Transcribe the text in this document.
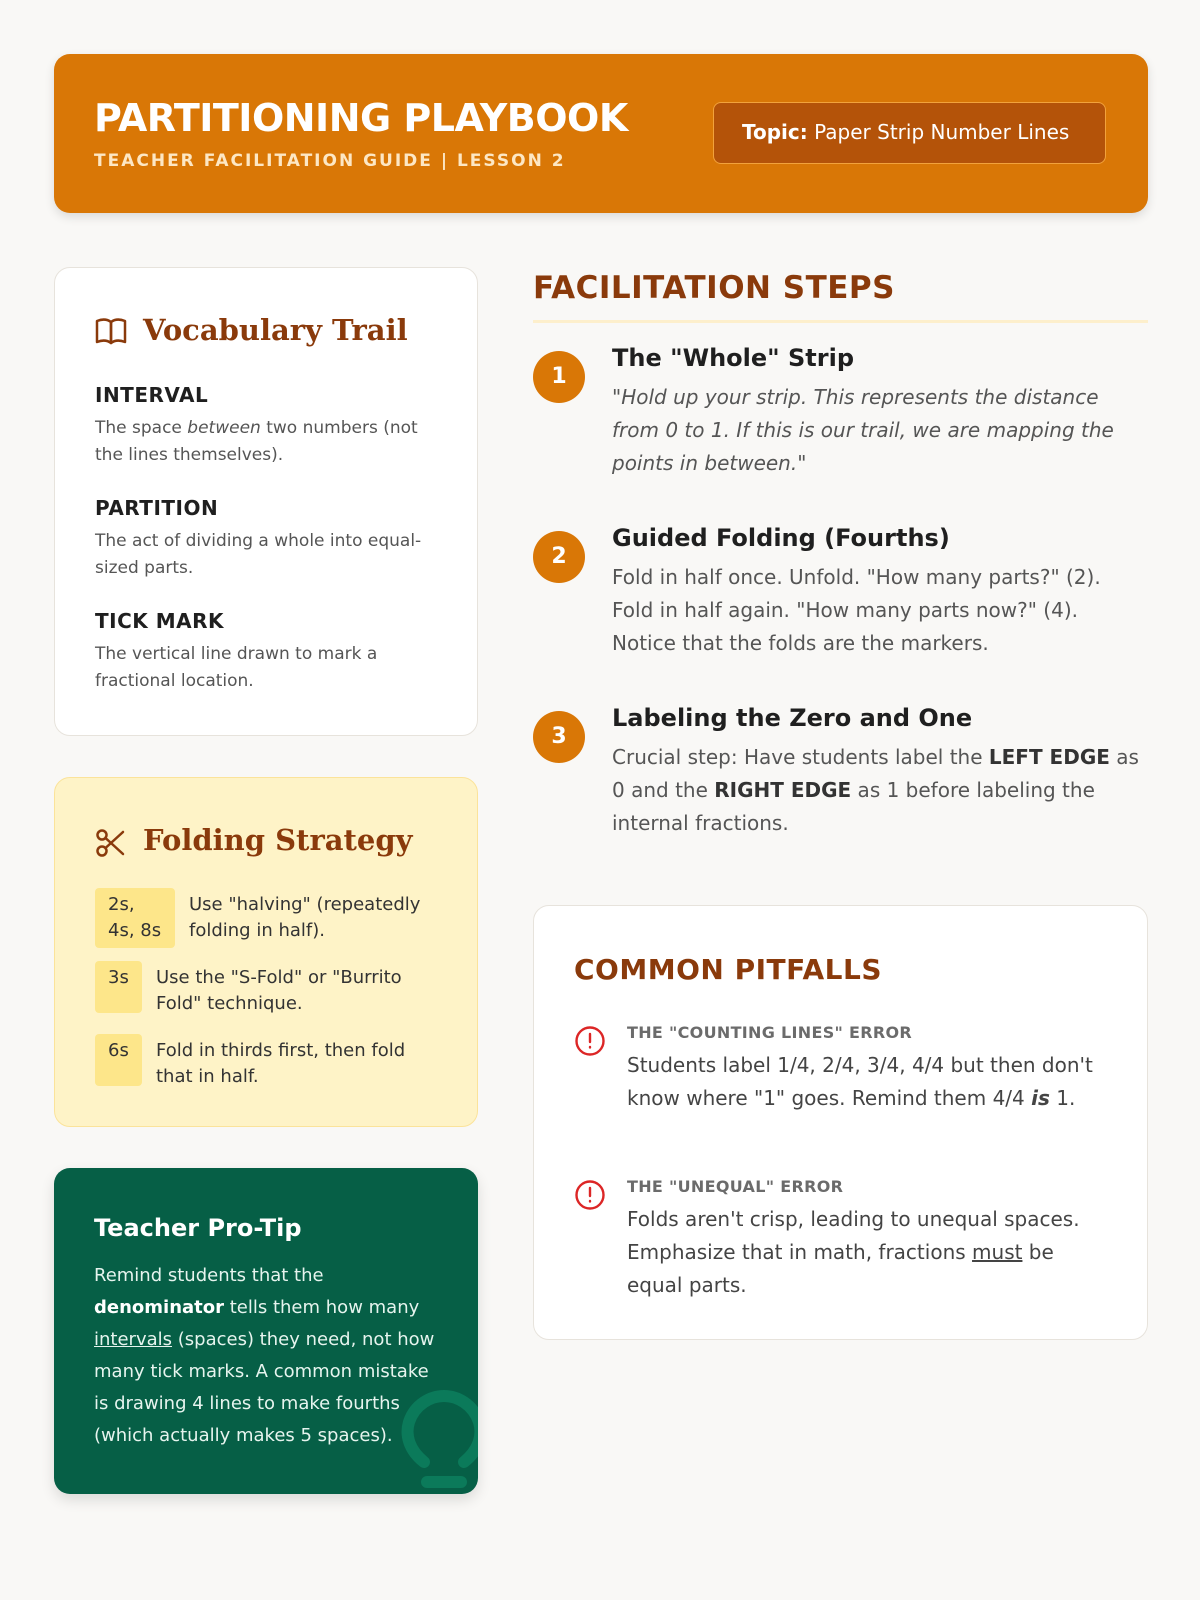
PARTITIONING PLAYBOOK
TEACHER FACILITATION GUIDE | LESSON 2
Topic: Paper Strip Number Lines
Vocabulary Trail
INTERVAL
The space between two numbers (not the lines themselves).
PARTITION
The act of dividing a whole into equal-sized parts.
TICK MARK
The vertical line drawn to mark a fractional location.
Folding Strategy
2s, 4s, 8s
Use "halving" (repeatedly folding in half).
3s	Use the "S-Fold" or "Burrito Fold" technique.
6s	Fold in thirds first, then fold that in half.
Teacher Pro-Tip
Remind students that the denominator tells them how many intervals (spaces) they need, not how many tick marks. A common mistake is drawing 4 lines to make fourths (which actually makes 5 spaces).
FACILITATION STEPS
1
The "Whole" Strip
"Hold up your strip. This represents the distance from 0 to 1. If this is our trail, we are mapping the points in between."
2
Guided Folding (Fourths)
Fold in half once. Unfold. "How many parts?" (2). Fold in half again. "How many parts now?" (4). Notice that the folds are the markers.
3
Labeling the Zero and One
Crucial step: Have students label the LEFT EDGE as 0 and the RIGHT EDGE as 1 before labeling the internal fractions.
COMMON PITFALLS
THE "COUNTING LINES" ERROR
Students label 1/4, 2/4, 3/4, 4/4 but then don't know where "1" goes. Remind them 4/4 is 1.
THE "UNEQUAL" ERROR
Folds aren't crisp, leading to unequal spaces. Emphasize that in math, fractions must be equal parts.
